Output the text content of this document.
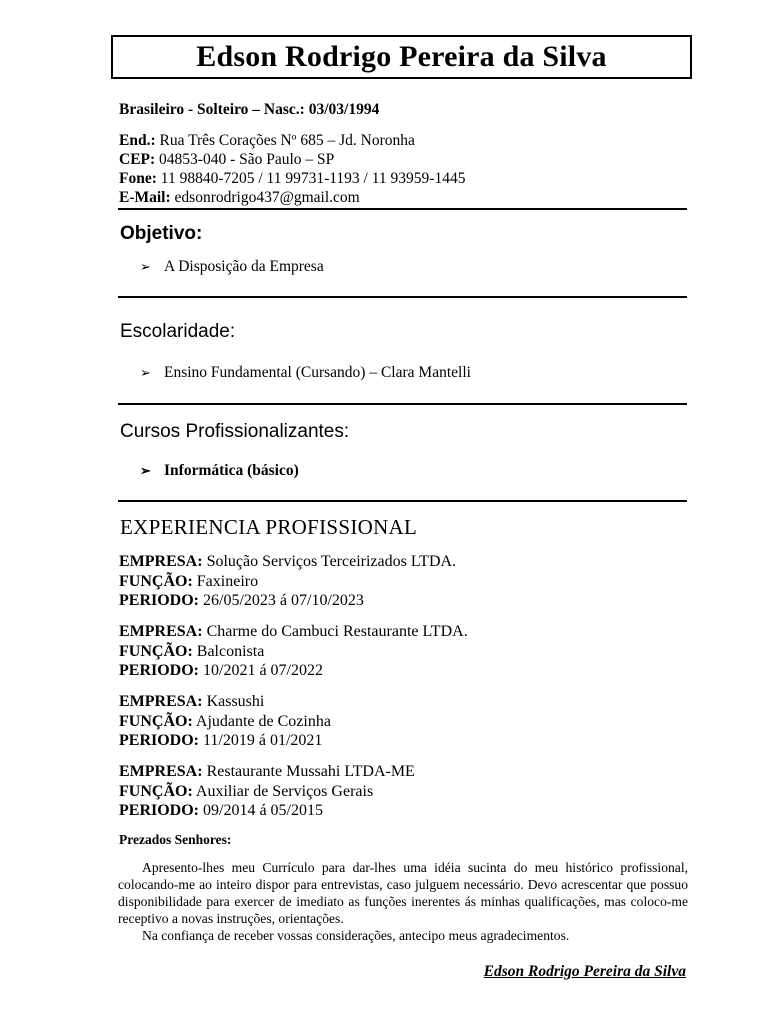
Edson Rodrigo Pereira da Silva
Brasileiro - Solteiro – Nasc.: 03/03/1994
End.: Rua Três Corações Nº 685 – Jd. Noronha
CEP: 04853-040 - São Paulo – SP
Fone: 11 98840-7205 / 11 99731-1193 / 11 93959-1445
E-Mail: edsonrodrigo437@gmail.com
Objetivo:
➢ A Disposição da Empresa
Escolaridade:
➢ Ensino Fundamental (Cursando) – Clara Mantelli
Cursos Profissionalizantes:
➢ Informática (básico)
EXPERIENCIA PROFISSIONAL
EMPRESA: Solução Serviços Terceirizados LTDA.
FUNÇÃO: Faxineiro
PERIODO: 26/05/2023 á 07/10/2023
EMPRESA: Charme do Cambuci Restaurante LTDA.
FUNÇÃO: Balconista
PERIODO: 10/2021 á 07/2022
EMPRESA: Kassushi
FUNÇÃO: Ajudante de Cozinha
PERIODO: 11/2019 á 01/2021
EMPRESA: Restaurante Mussahi LTDA-ME
FUNÇÃO: Auxiliar de Serviços Gerais
PERIODO: 09/2014 á 05/2015
Prezados Senhores:

Apresento-lhes meu Currículo para dar-lhes uma idéia sucinta do meu histórico profissional, colocando-me ao inteiro dispor para entrevistas, caso julguem necessário. Devo acrescentar que possuo disponibilidade para exercer de imediato as funções inerentes ás minhas qualificações, mas coloco-me receptivo a novas instruções, orientações.

Na confiança de receber vossas considerações, antecipo meus agradecimentos.

Edson Rodrigo Pereira da Silva
